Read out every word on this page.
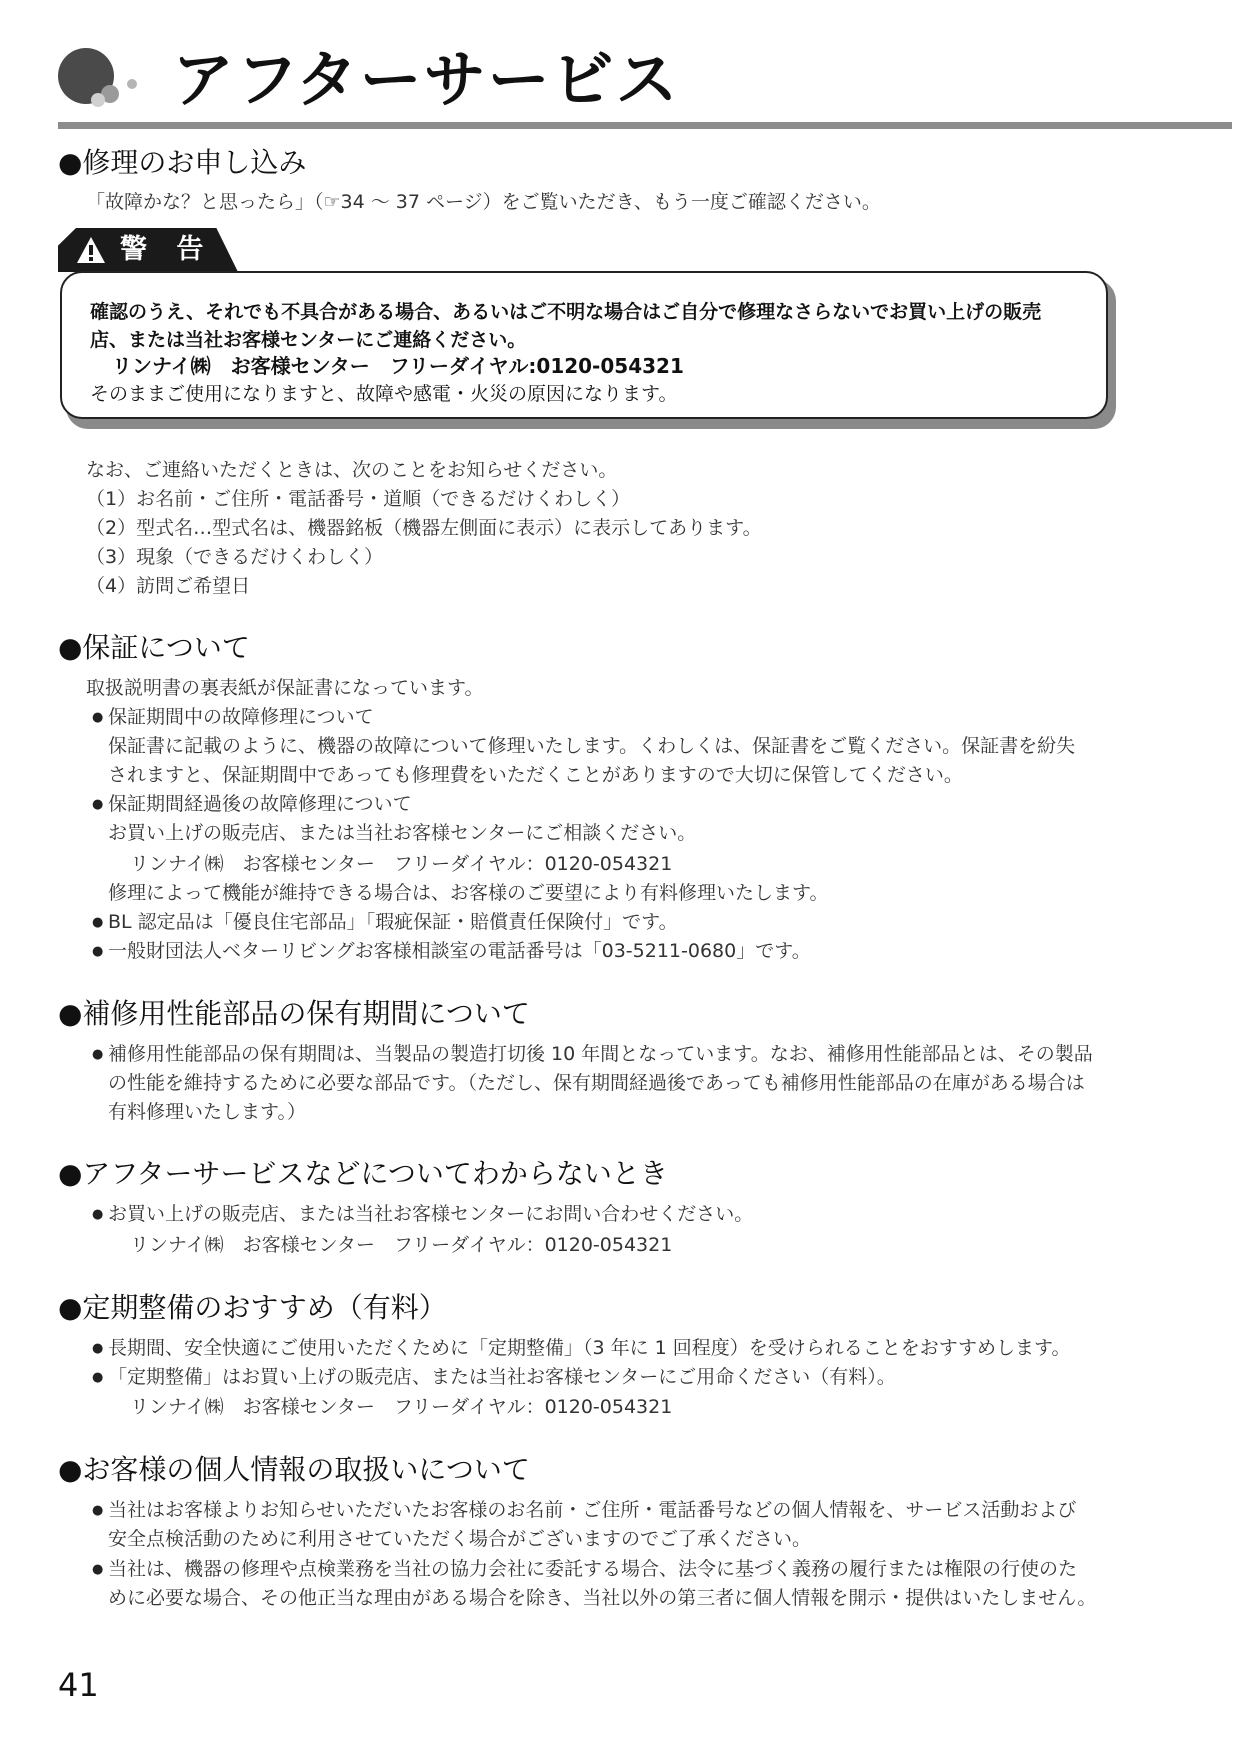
アフターサービス
●修理のお申し込み

「故障かな？と思ったら」（☞34 ～ 37 ページ）をご覧いただき、もう一度ご確認ください。

警 告

確認のうえ、それでも不具合がある場合、あるいはご不明な場合はご自分で修理なさらないでお買い上げの販売

店、または当社お客様センターにご連絡ください。

リンナイ㈱　お客様センター　フリーダイヤル:0120-054321

そのままご使用になりますと、故障や感電・火災の原因になります。

なお、ご連絡いただくときは、次のことをお知らせください。

（1）お名前・ご住所・電話番号・道順（できるだけくわしく）

（2）型式名…型式名は、機器銘板（機器左側面に表示）に表示してあります。

（3）現象（できるだけくわしく）

（4）訪問ご希望日

●保証について

取扱説明書の裏表紙が保証書になっています。

● 保証期間中の故障修理について

保証書に記載のように、機器の故障について修理いたします。くわしくは、保証書をご覧ください。保証書を紛失

されますと、保証期間中であっても修理費をいただくことがありますので大切に保管してください。

● 保証期間経過後の故障修理について

お買い上げの販売店、または当社お客様センターにご相談ください。

リンナイ㈱　お客様センター　フリーダイヤル：0120-054321

修理によって機能が維持できる場合は、お客様のご要望により有料修理いたします。

● BL 認定品は「優良住宅部品」「瑕疵保証・賠償責任保険付」です。

● 一般財団法人ベターリビングお客様相談室の電話番号は「03-5211-0680」です。

●補修用性能部品の保有期間について

● 補修用性能部品の保有期間は、当製品の製造打切後 10 年間となっています。なお、補修用性能部品とは、その製品

の性能を維持するために必要な部品です。（ただし、保有期間経過後であっても補修用性能部品の在庫がある場合は

有料修理いたします。）

●アフターサービスなどについてわからないとき

● お買い上げの販売店、または当社お客様センターにお問い合わせください。

リンナイ㈱　お客様センター　フリーダイヤル：0120-054321

●定期整備のおすすめ（有料）

● 長期間、安全快適にご使用いただくために「定期整備」（3 年に 1 回程度）を受けられることをおすすめします。

● 「定期整備」はお買い上げの販売店、または当社お客様センターにご用命ください（有料）。

リンナイ㈱　お客様センター　フリーダイヤル：0120-054321

●お客様の個人情報の取扱いについて

● 当社はお客様よりお知らせいただいたお客様のお名前・ご住所・電話番号などの個人情報を、サービス活動および

安全点検活動のために利用させていただく場合がございますのでご了承ください。

● 当社は、機器の修理や点検業務を当社の協力会社に委託する場合、法令に基づく義務の履行または権限の行使のた

めに必要な場合、その他正当な理由がある場合を除き、当社以外の第三者に個人情報を開示・提供はいたしません。

41
